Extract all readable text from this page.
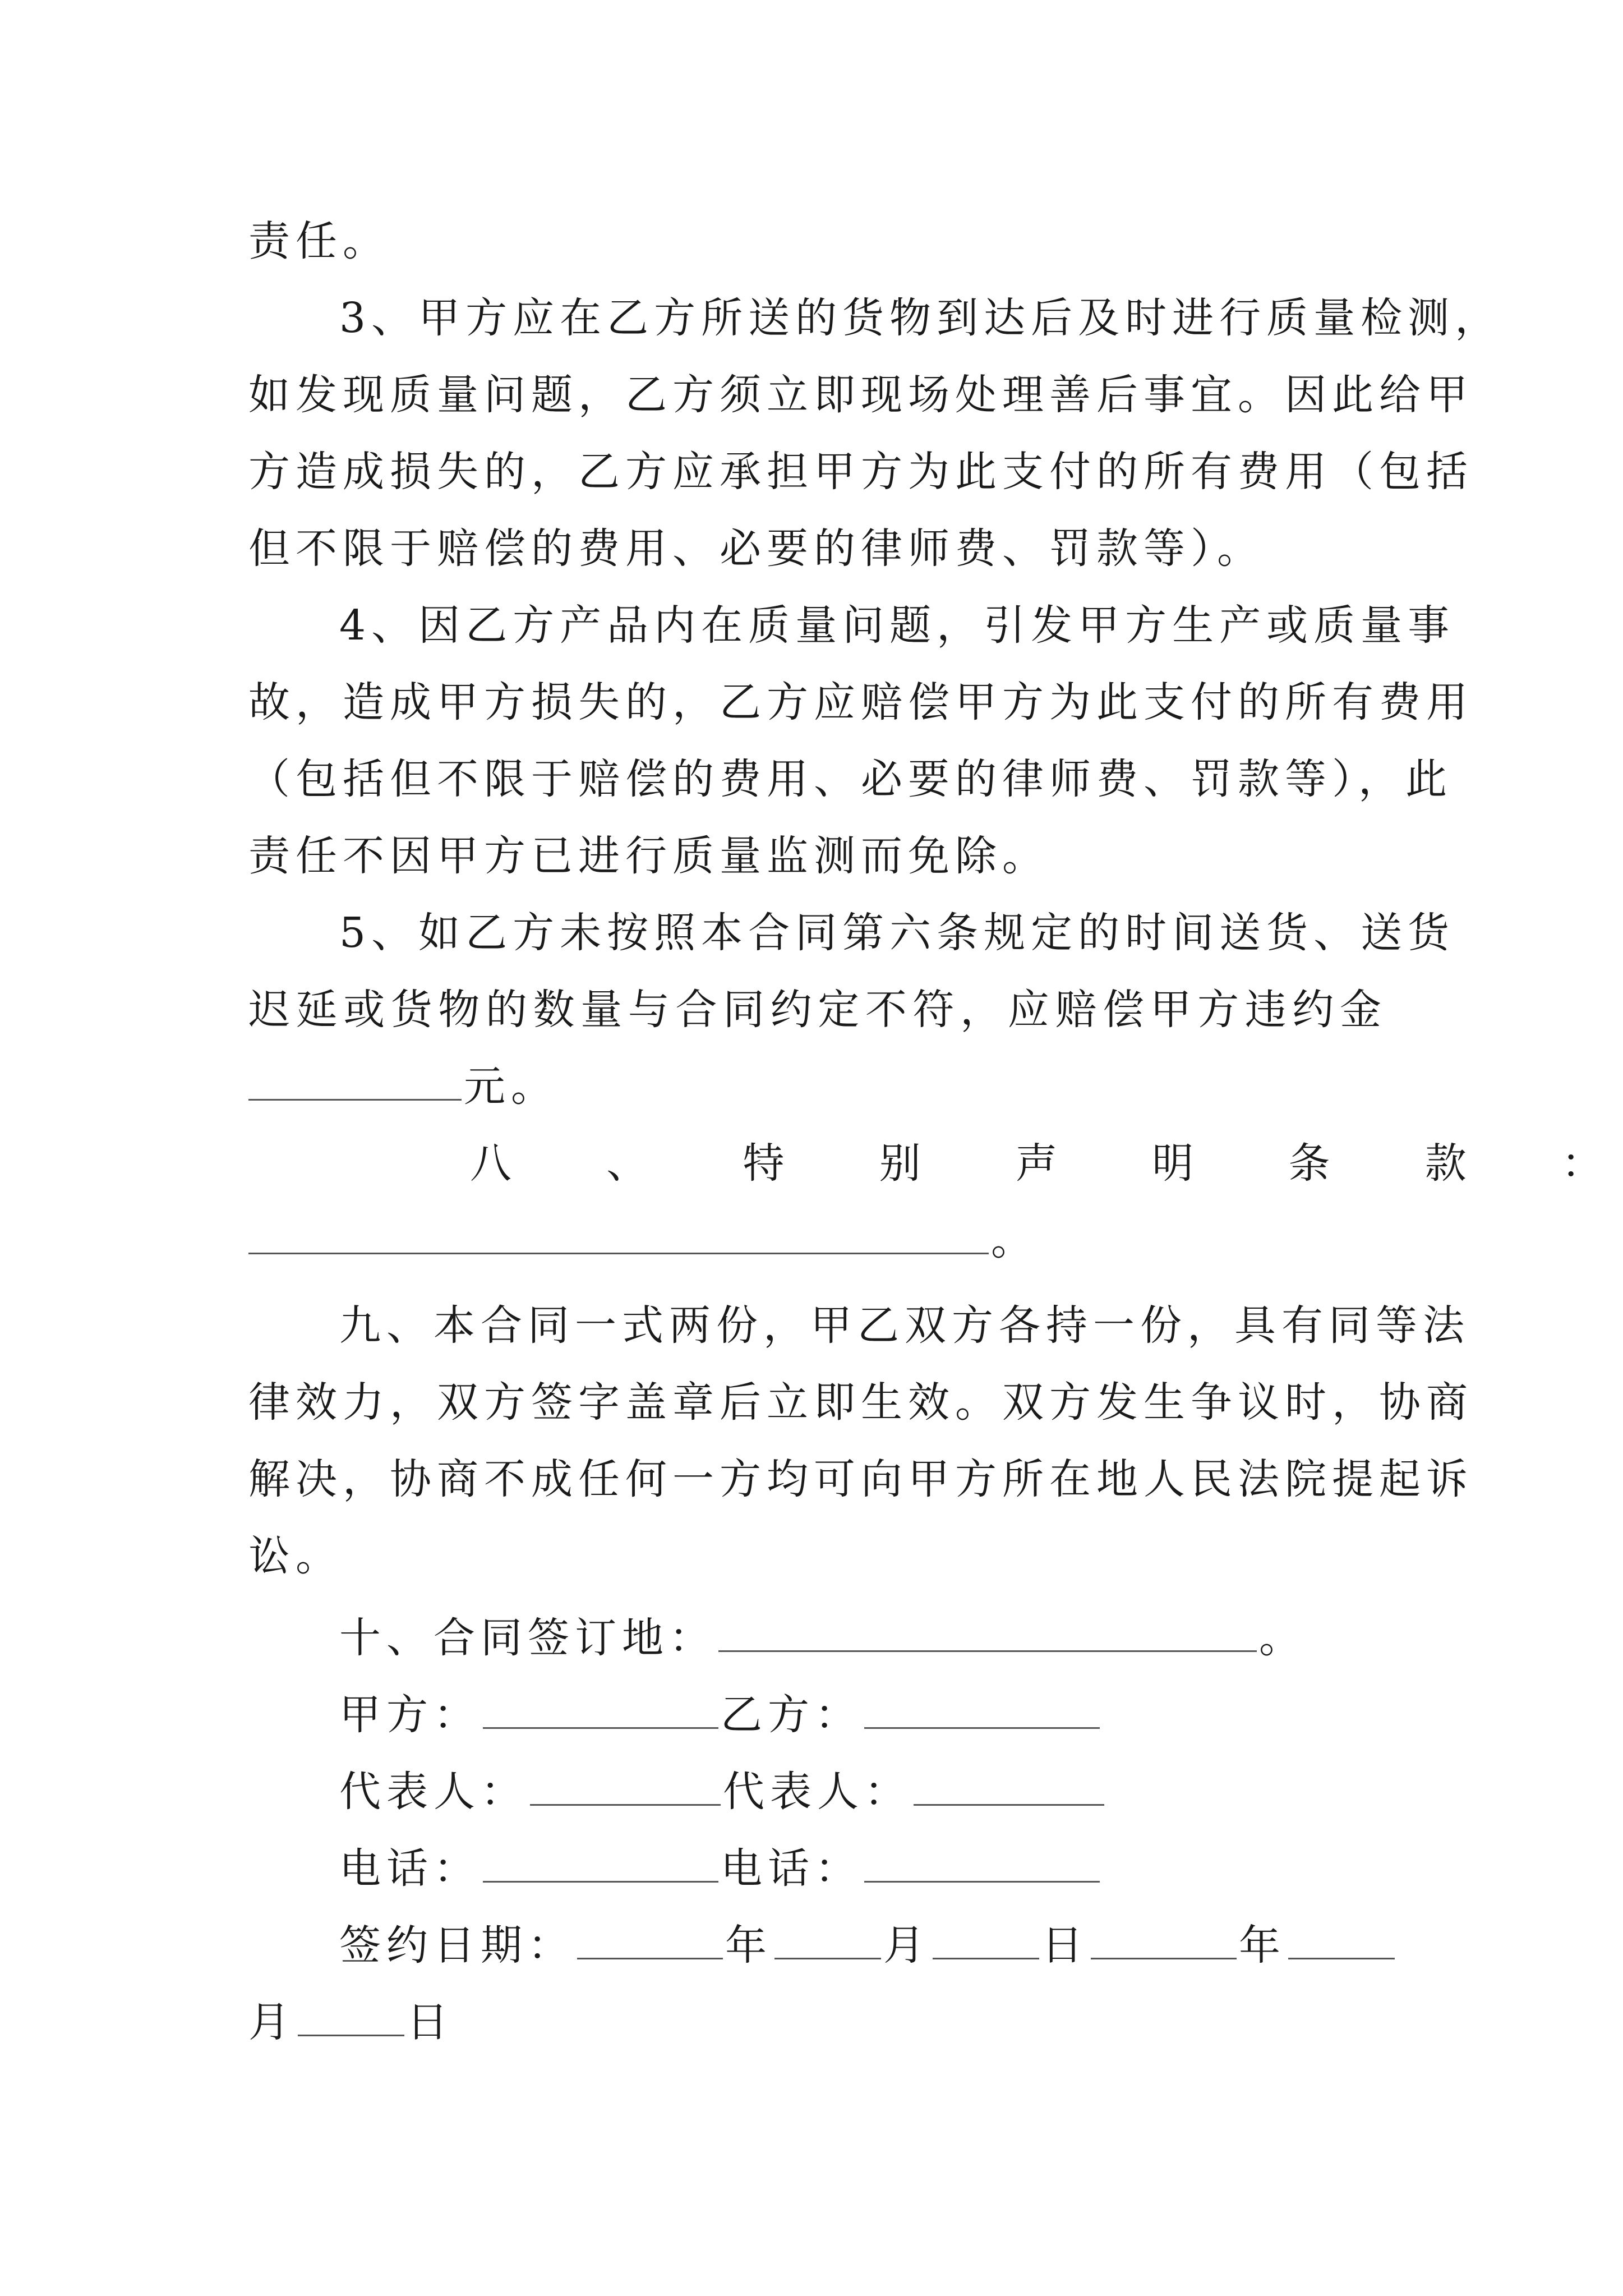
责任。
3、甲方应在乙方所送的货物到达后及时进行质量检测，
如发现质量问题，乙方须立即现场处理善后事宜。因此给甲
方造成损失的，乙方应承担甲方为此支付的所有费用（包括
但不限于赔偿的费用、必要的律师费、罚款等）。
4、因乙方产品内在质量问题，引发甲方生产或质量事
故，造成甲方损失的，乙方应赔偿甲方为此支付的所有费用
（包括但不限于赔偿的费用、必要的律师费、罚款等），此
责任不因甲方已进行质量监测而免除。
5、如乙方未按照本合同第六条规定的时间送货、送货
迟延或货物的数量与合同约定不符，应赔偿甲方违约金
元。
八 、 特 别 声 明 条 款 ：
。
九、本合同一式两份，甲乙双方各持一份，具有同等法
律效力，双方签字盖章后立即生效。双方发生争议时，协商
解决，协商不成任何一方均可向甲方所在地人民法院提起诉
讼。
十、合同签订地：	。
甲方：	乙方：
代表人：	代表人：
电话：	电话：
签约日期：	年	月	日	年
月	日
